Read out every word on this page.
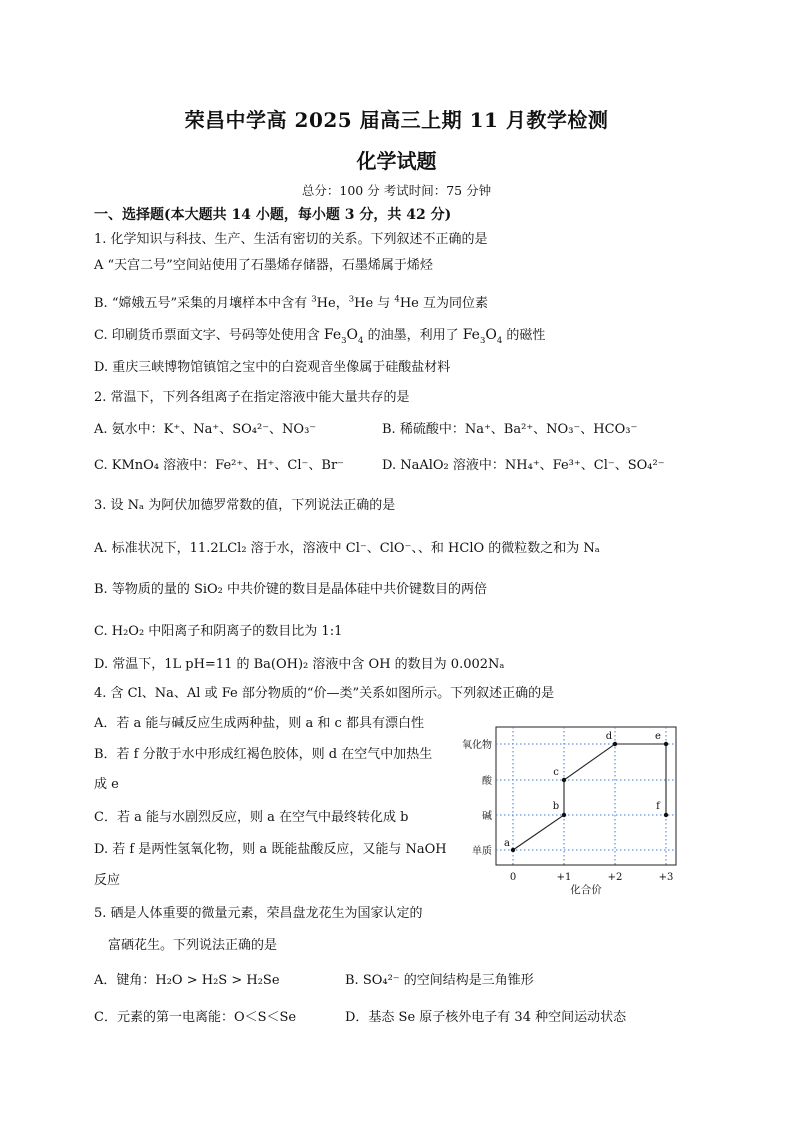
荣昌中学高 2025 届高三上期 11 月教学检测
化学试题
总分：100 分 考试时间：75 分钟
一、选择题(本大题共 14 小题，每小题 3 分，共 42 分)
1. 化学知识与科技、生产、生活有密切的关系。下列叙述不正确的是
A “天宫二号”空间站使用了石墨烯存储器，石墨烯属于烯烃
B. “嫦娥五号”采集的月壤样本中含有 $^3$He，$^3$He 与 $^4$He 互为同位素
C. 印刷货币票面文字、号码等处使用含 $Fe_3O_4$ 的油墨，利用了 $Fe_3O_4$ 的磁性
D. 重庆三峡博物馆镇馆之宝中的白瓷观音坐像属于硅酸盐材料
2. 常温下，下列各组离子在指定溶液中能大量共存的是
A. 氨水中：K⁺、Na⁺、SO₄²⁻、NO₃⁻	B. 稀硫酸中：Na⁺、Ba²⁺、NO₃⁻、HCO₃⁻
C. KMnO₄ 溶液中：Fe²⁺、H⁺、Cl⁻、Br⁻	D. NaAlO₂ 溶液中：NH₄⁺、Fe³⁺、Cl⁻、SO₄²⁻
3. 设 Nₐ 为阿伏加德罗常数的值，下列说法正确的是
A. 标准状况下，11.2LCl₂ 溶于水，溶液中 Cl⁻、ClO⁻、、和 HClO 的微粒数之和为 Nₐ
B. 等物质的量的 SiO₂ 中共价键的数目是晶体硅中共价键数目的两倍
C. H₂O₂ 中阳离子和阴离子的数目比为 1:1
D. 常温下，1L pH=11 的 Ba(OH)₂ 溶液中含 OH 的数目为 0.002Nₐ
4. 含 Cl、Na、Al 或 Fe 部分物质的“价—类”关系如图所示。下列叙述正确的是
A．若 a 能与碱反应生成两种盐，则 a 和 c 都具有漂白性
B．若 f 分散于水中形成红褐色胶体，则 d 在空气中加热生
成 e
C．若 a 能与水剧烈反应，则 a 在空气中最终转化成 b
D. 若 f 是两性氢氧化物，则 a 既能盐酸反应，又能与 NaOH
反应	0	+1	+2	+3
单质
碱
酸
氧化物
a
b
c
d	e
f
化合价
5. 硒是人体重要的微量元素，荣昌盘龙花生为国家认定的
富硒花生。下列说法正确的是
A．键角：H₂O > H₂S > H₂Se	B. SO₄²⁻ 的空间结构是三角锥形
C．元素的第一电离能：O＜S＜Se	D．基态 Se 原子核外电子有 34 种空间运动状态
